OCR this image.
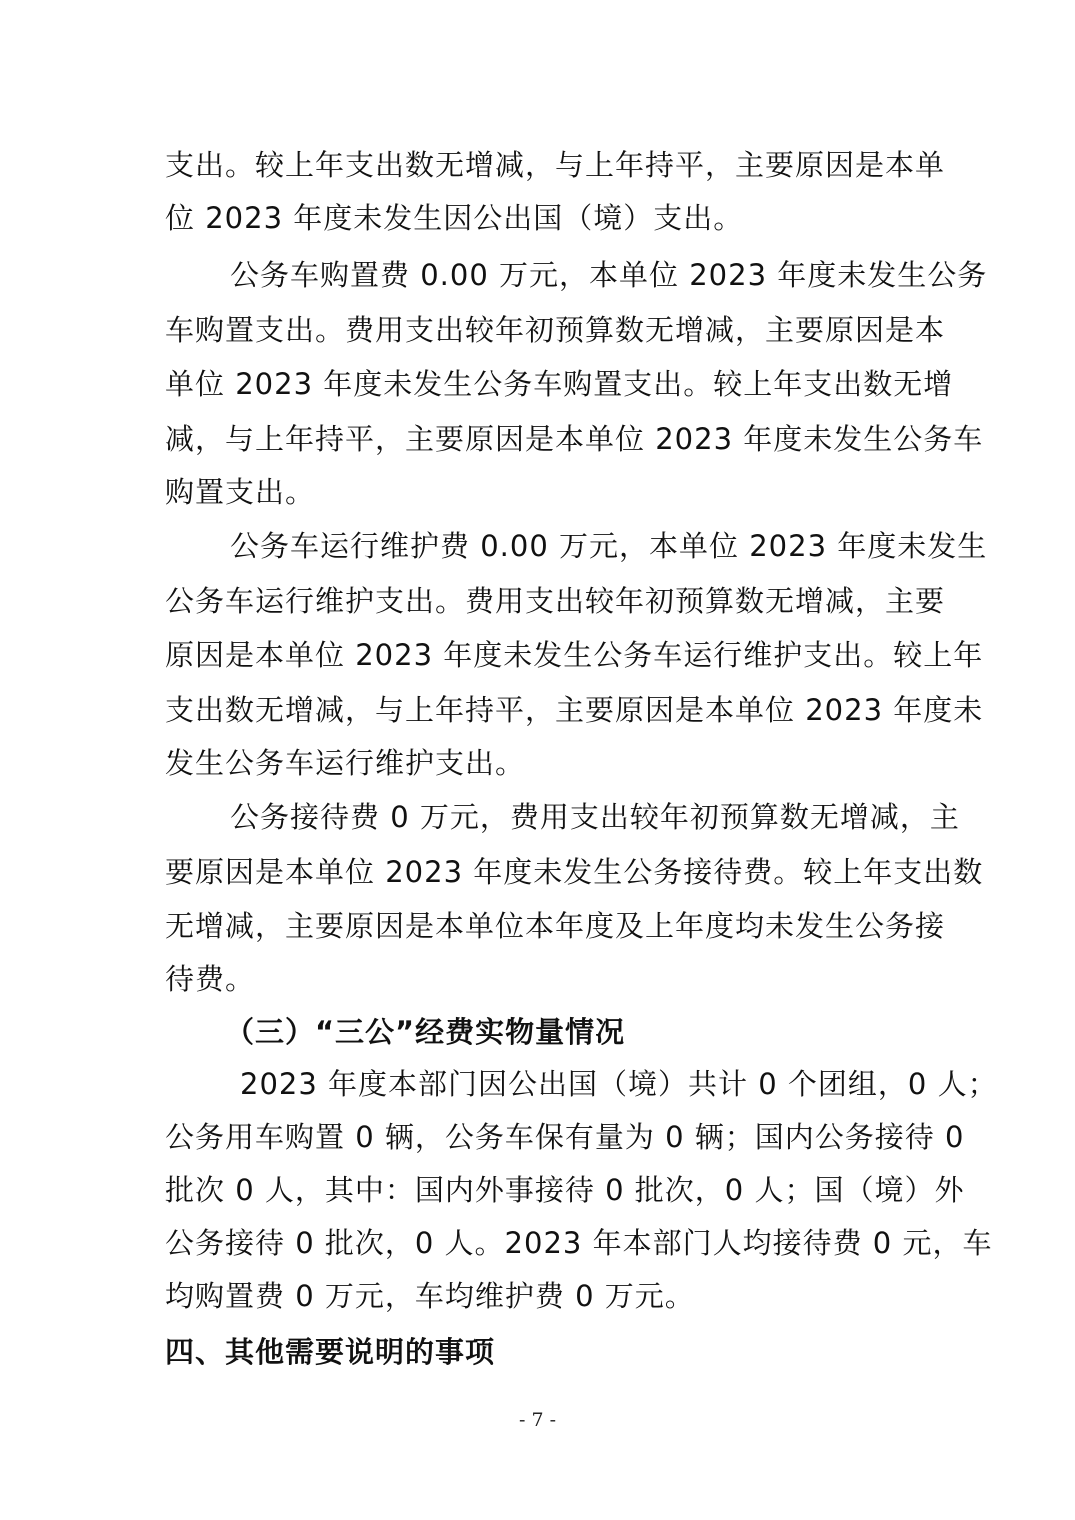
支出。较上年支出数无增减，与上年持平，主要原因是本单
位 2023 年度未发生因公出国（境）支出。
公务车购置费 0.00 万元，本单位 2023 年度未发生公务
车购置支出。费用支出较年初预算数无增减，主要原因是本
单位 2023 年度未发生公务车购置支出。较上年支出数无增
减，与上年持平，主要原因是本单位 2023 年度未发生公务车
购置支出。
公务车运行维护费 0.00 万元，本单位 2023 年度未发生
公务车运行维护支出。费用支出较年初预算数无增减，主要
原因是本单位 2023 年度未发生公务车运行维护支出。较上年
支出数无增减，与上年持平，主要原因是本单位 2023 年度未
发生公务车运行维护支出。
公务接待费 0 万元，费用支出较年初预算数无增减，主
要原因是本单位 2023 年度未发生公务接待费。较上年支出数
无增减，主要原因是本单位本年度及上年度均未发生公务接
待费。
（三）“三公”经费实物量情况
2023 年度本部门因公出国（境）共计 0 个团组，0 人；
公务用车购置 0 辆，公务车保有量为 0 辆；国内公务接待 0
批次 0 人，其中：国内外事接待 0 批次，0 人；国（境）外
公务接待 0 批次，0 人。2023 年本部门人均接待费 0 元，车
均购置费 0 万元，车均维护费 0 万元。
四、其他需要说明的事项
- 7 -
